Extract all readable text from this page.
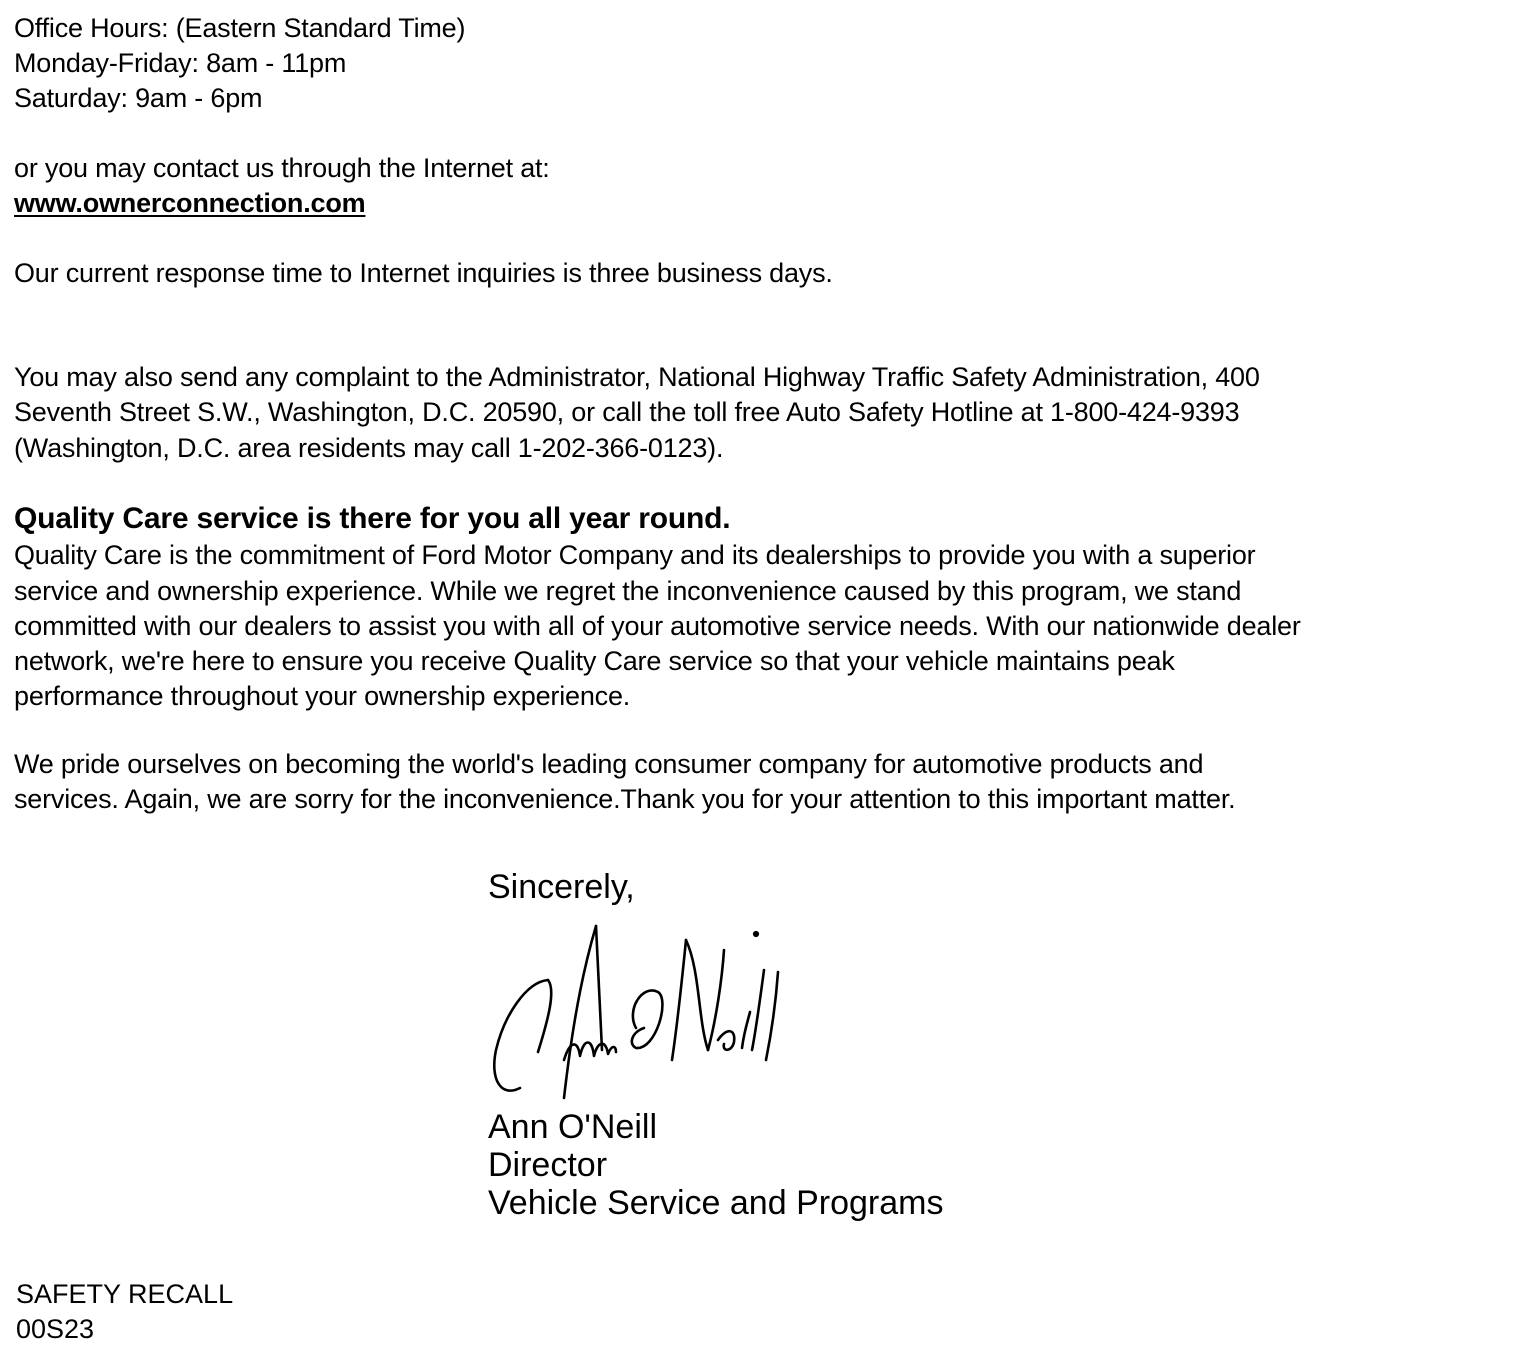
Office Hours: (Eastern Standard Time)
Monday-Friday: 8am - 11pm
Saturday: 9am - 6pm
or you may contact us through the Internet at:
www.ownerconnection.com
Our current response time to Internet inquiries is three business days.
You may also send any complaint to the Administrator, National Highway Traffic Safety Administration, 400
Seventh Street S.W., Washington, D.C. 20590, or call the toll free Auto Safety Hotline at 1-800-424-9393
(Washington, D.C. area residents may call 1-202-366-0123).
Quality Care service is there for you all year round.
Quality Care is the commitment of Ford Motor Company and its dealerships to provide you with a superior
service and ownership experience. While we regret the inconvenience caused by this program, we stand
committed with our dealers to assist you with all of your automotive service needs. With our nationwide dealer
network, we're here to ensure you receive Quality Care service so that your vehicle maintains peak
performance throughout your ownership experience.
We pride ourselves on becoming the world's leading consumer company for automotive products and
services. Again, we are sorry for the inconvenience.Thank you for your attention to this important matter.
Sincerely,
Ann O'Neill
Director
Vehicle Service and Programs
SAFETY RECALL
00S23
